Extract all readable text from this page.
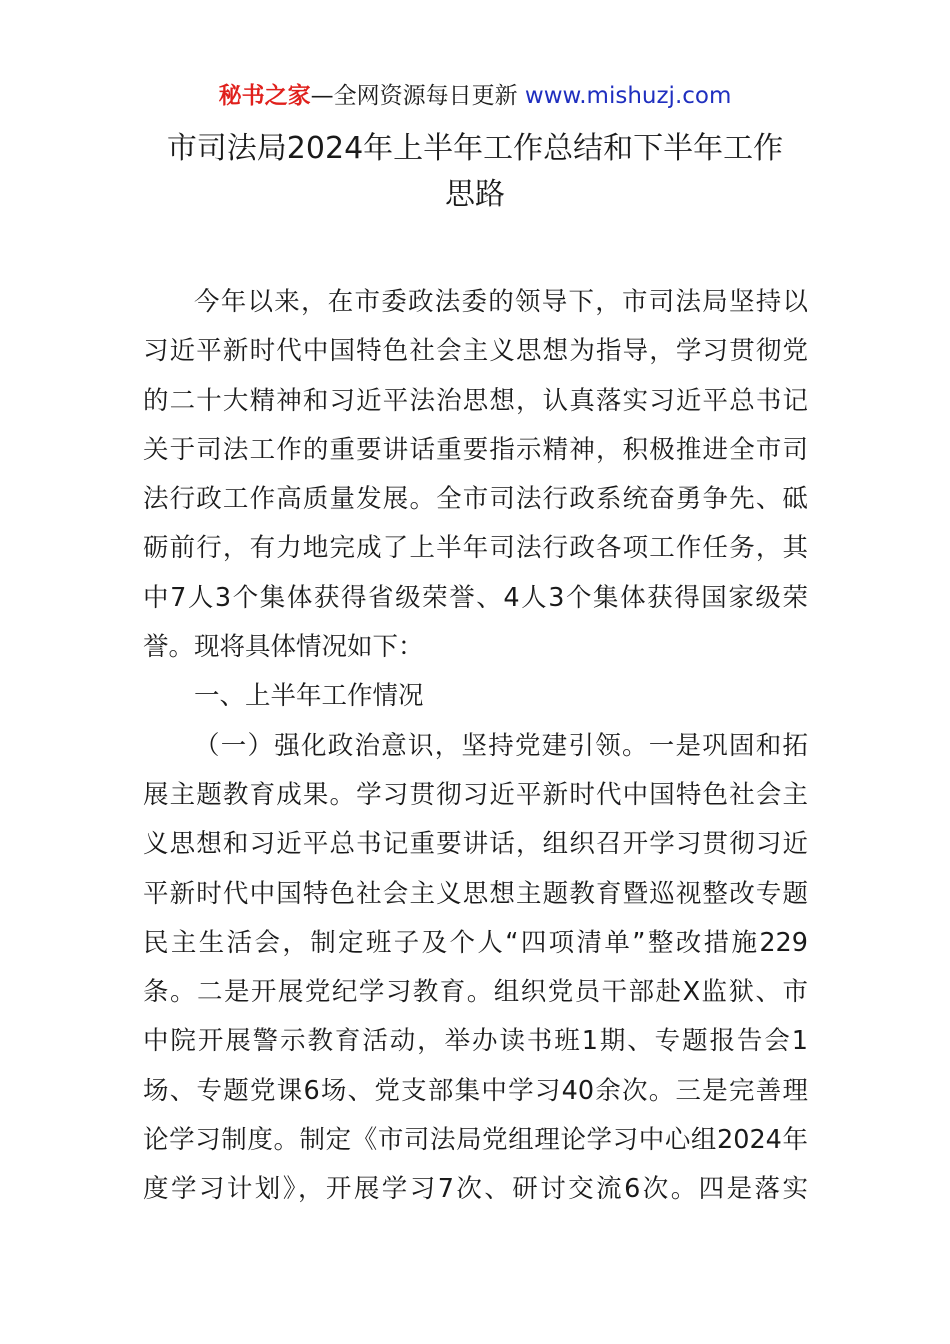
秘书之家—全网资源每日更新 www.mishuzj.com
市司法局2024年上半年工作总结和下半年工作
思路
今年以来，在市委政法委的领导下，市司法局坚持以
习近平新时代中国特色社会主义思想为指导，学习贯彻党
的二十大精神和习近平法治思想，认真落实习近平总书记
关于司法工作的重要讲话重要指示精神，积极推进全市司
法行政工作高质量发展。全市司法行政系统奋勇争先、砥
砺前行，有力地完成了上半年司法行政各项工作任务，其
中7人3个集体获得省级荣誉、4人3个集体获得国家级荣
誉。现将具体情况如下：
一、上半年工作情况
（一）强化政治意识，坚持党建引领。一是巩固和拓
展主题教育成果。学习贯彻习近平新时代中国特色社会主
义思想和习近平总书记重要讲话，组织召开学习贯彻习近
平新时代中国特色社会主义思想主题教育暨巡视整改专题
民主生活会，制定班子及个人“四项清单”整改措施229
条。二是开展党纪学习教育。组织党员干部赴X监狱、市
中院开展警示教育活动，举办读书班1期、专题报告会1
场、专题党课6场、党支部集中学习40余次。三是完善理
论学习制度。制定《市司法局党组理论学习中心组2024年
度学习计划》，开展学习7次、研讨交流6次。四是落实
